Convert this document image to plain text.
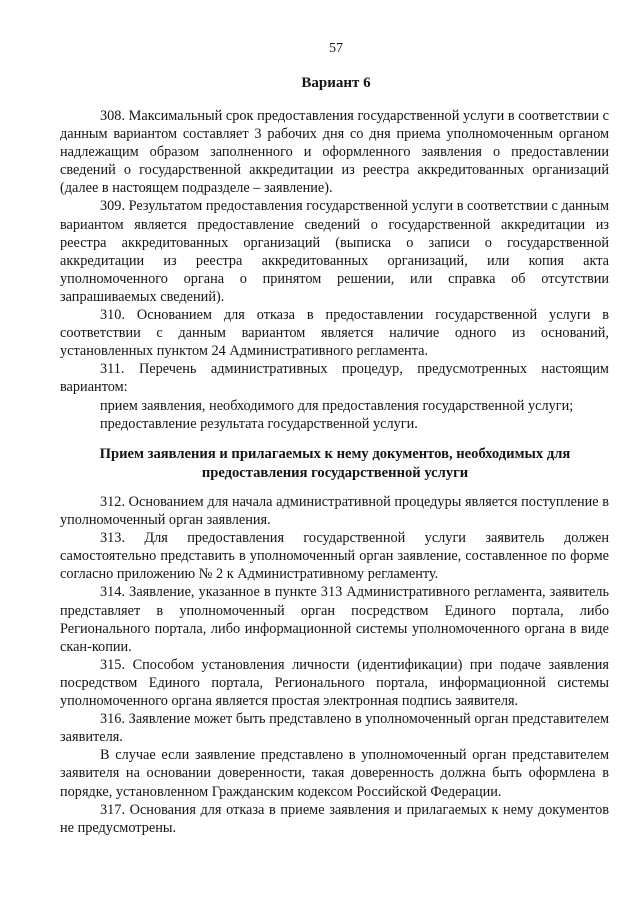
57
Вариант 6

308. Максимальный срок предоставления государственной услуги в соответствии с данным вариантом составляет 3 рабочих дня со дня приема уполномоченным органом надлежащим образом заполненного и оформленного заявления о предоставлении сведений о государственной аккредитации из реестра аккредитованных организаций (далее в настоящем подразделе – заявление).

309. Результатом предоставления государственной услуги в соответствии с данным вариантом является предоставление сведений о государственной аккредитации из реестра аккредитованных организаций (выписка о записи о государственной аккредитации из реестра аккредитованных организаций, или копия акта уполномоченного органа о принятом решении, или справка об отсутствии запрашиваемых сведений).

310. Основанием для отказа в предоставлении государственной услуги в соответствии с данным вариантом является наличие одного из оснований, установленных пунктом 24 Административного регламента.

311. Перечень административных процедур, предусмотренных настоящим вариантом:

прием заявления, необходимого для предоставления государственной услуги;

предоставление результата государственной услуги.

Прием заявления и прилагаемых к нему документов, необходимых для предоставления государственной услуги

312. Основанием для начала административной процедуры является поступление в уполномоченный орган заявления.

313. Для предоставления государственной услуги заявитель должен самостоятельно представить в уполномоченный орган заявление, составленное по форме согласно приложению № 2 к Административному регламенту.

314. Заявление, указанное в пункте 313 Административного регламента, заявитель представляет в уполномоченный орган посредством Единого портала, либо Регионального портала, либо информационной системы уполномоченного органа в виде скан-копии.

315. Способом установления личности (идентификации) при подаче заявления посредством Единого портала, Регионального портала, информационной системы уполномоченного органа является простая электронная подпись заявителя.

316. Заявление может быть представлено в уполномоченный орган представителем заявителя.

В случае если заявление представлено в уполномоченный орган представителем заявителя на основании доверенности, такая доверенность должна быть оформлена в порядке, установленном Гражданским кодексом Российской Федерации.

317. Основания для отказа в приеме заявления и прилагаемых к нему документов не предусмотрены.
